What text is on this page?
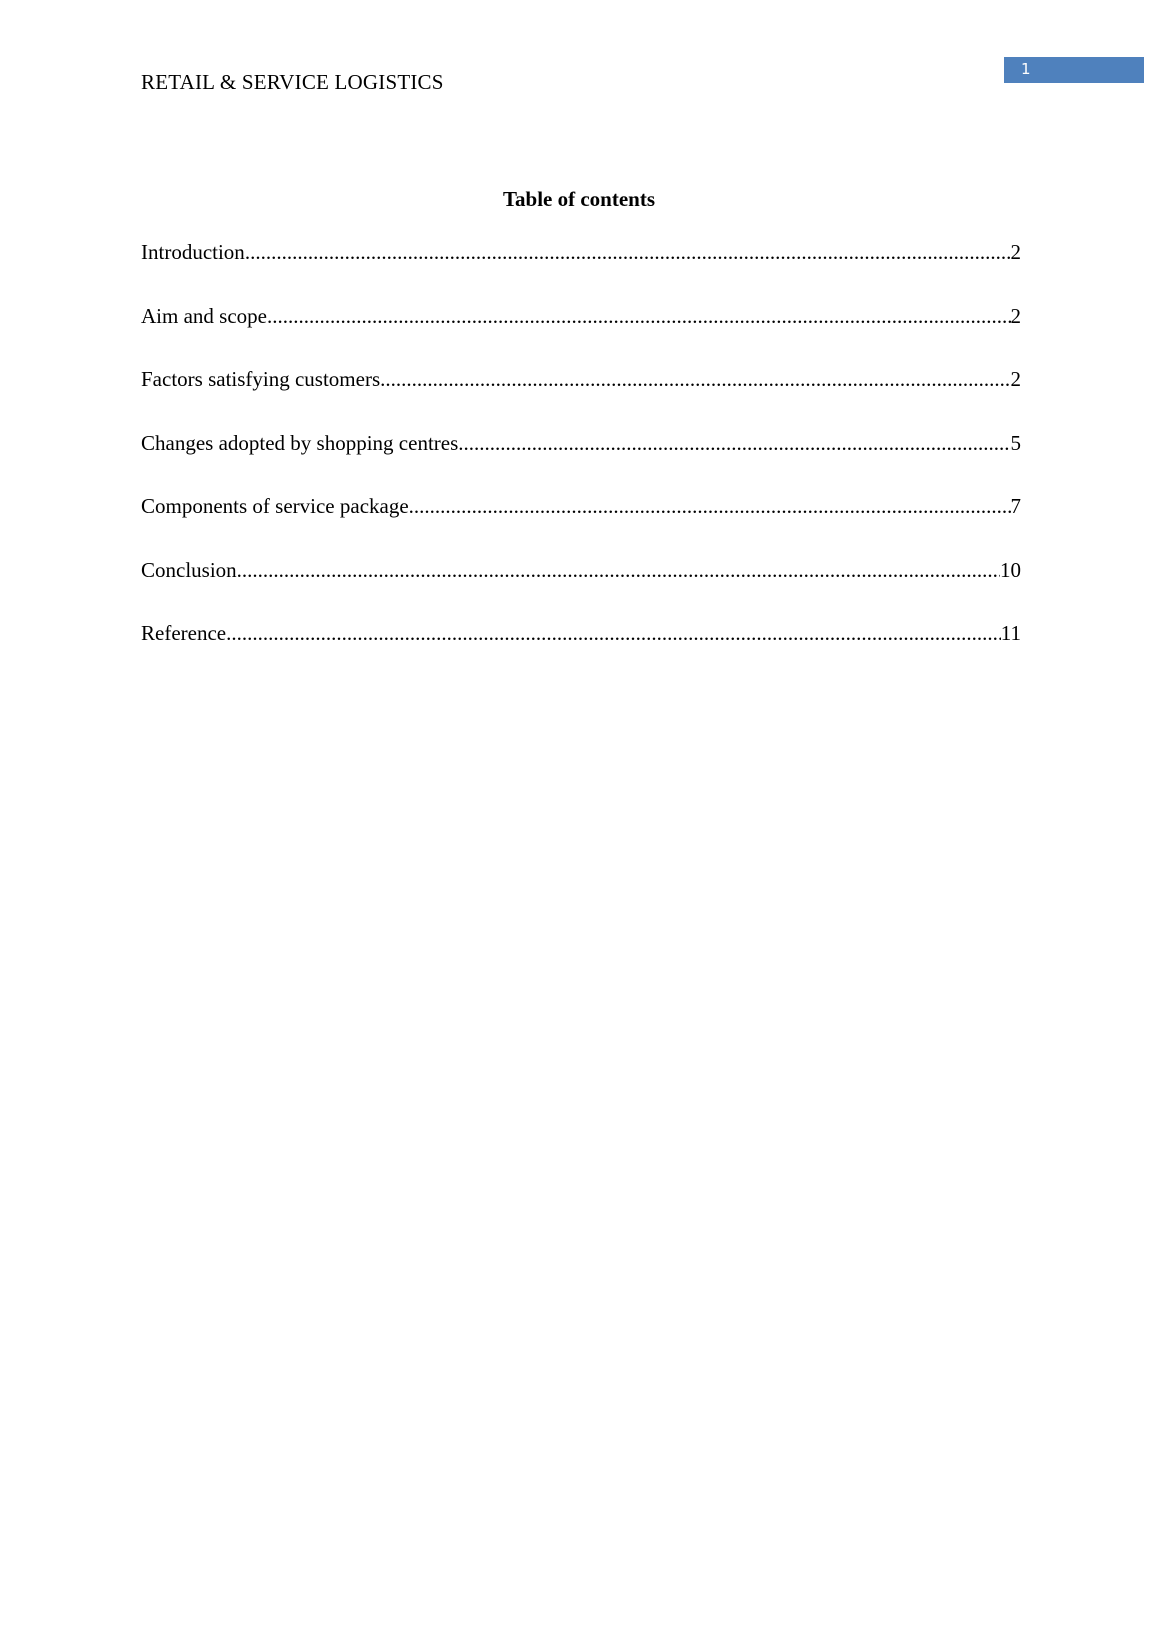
RETAIL & SERVICE LOGISTICS
1
Table of contents
Introduction .....	2
Aim and scope .....	2
Factors satisfying customers .....	2
Changes adopted by shopping centres .....	5
Components of service package .....	7
Conclusion .....	10
Reference .....	11
